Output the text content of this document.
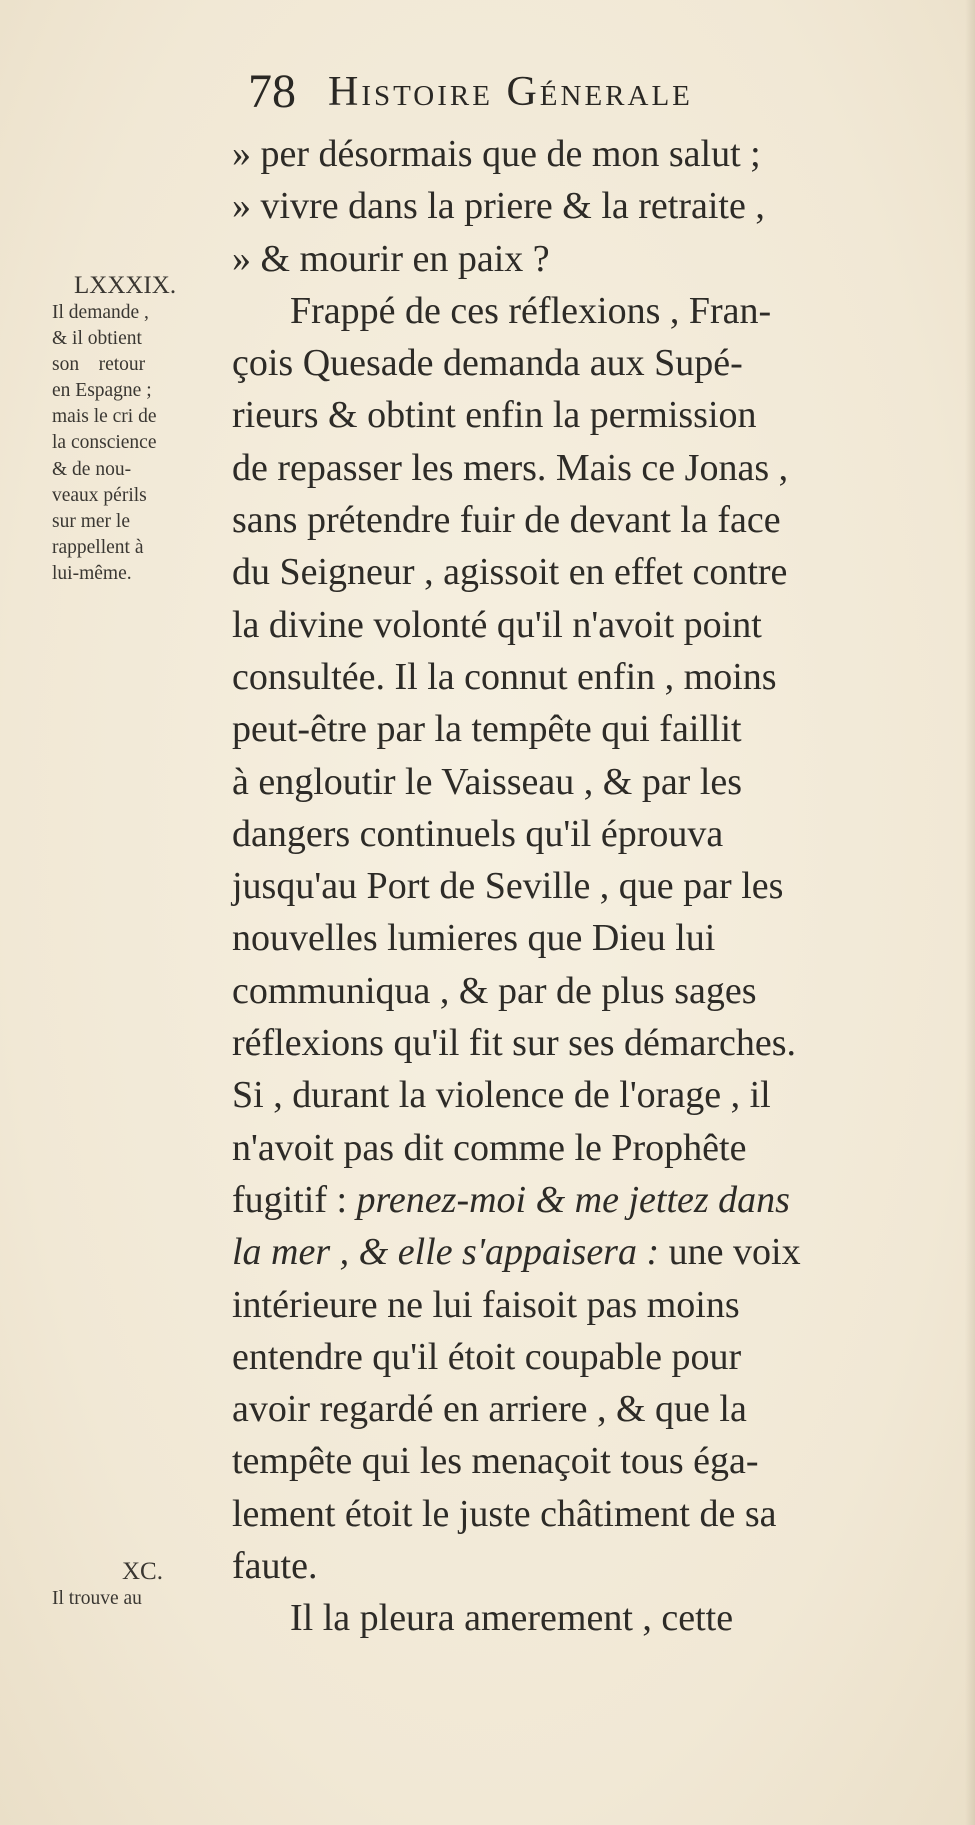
78 Histoire Génerale
LXXXIX.
Il demande ,
& il obtient
son    retour
en Espagne ;
mais le cri de
la conscience
& de nou-
veaux périls
sur mer le
rappellent à
lui-même.
XC.
Il trouve au
» per désormais que de mon salut ;
» vivre dans la priere & la retraite ,
» & mourir en paix ?
Frappé de ces réflexions , Fran-
çois Quesade demanda aux Supé-
rieurs & obtint enfin la permission
de repasser les mers. Mais ce Jonas ,
sans prétendre fuir de devant la face
du Seigneur , agissoit en effet contre
la divine volonté qu'il n'avoit point
consultée. Il la connut enfin , moins
peut-être par la tempête qui faillit
à engloutir le Vaisseau , & par les
dangers continuels qu'il éprouva
jusqu'au Port de Seville , que par les
nouvelles lumieres que Dieu lui
communiqua , & par de plus sages
réflexions qu'il fit sur ses démarches.
Si , durant la violence de l'orage , il
n'avoit pas dit comme le Prophête
fugitif : prenez-moi & me jettez dans
la mer , & elle s'appaisera : une voix
intérieure ne lui faisoit pas moins
entendre qu'il étoit coupable pour
avoir regardé en arriere , & que la
tempête qui les menaçoit tous éga-
lement étoit le juste châtiment de sa
faute.
Il la pleura amerement , cette
